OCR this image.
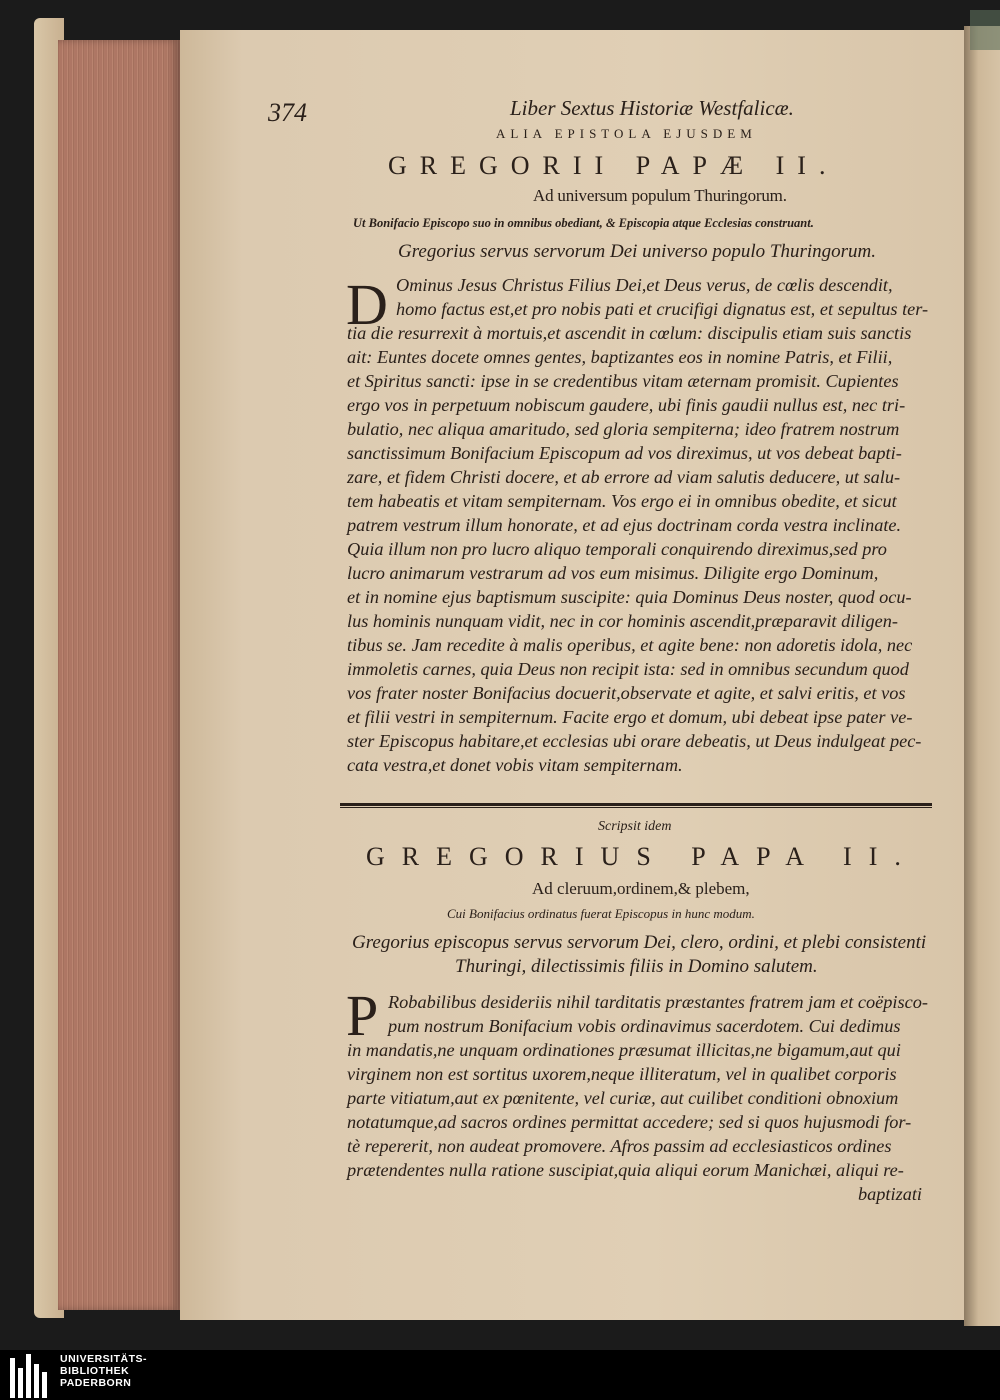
374	Liber Sextus Historiæ Westfalicæ.
ALIA EPISTOLA EJUSDEM
GREGORII PAPÆ II.
Ad universum populum Thuringorum.
Ut Bonifacio Episcopo suo in omnibus obediant, & Episcopia atque Ecclesias construant.
Gregorius servus servorum Dei universo populo Thuringorum.
D Ominus Jesus Christus Filius Dei,et Deus verus, de cœlis descendit,
homo factus est,et pro nobis pati et crucifigi dignatus est, et sepultus ter-
tia die resurrexit à mortuis,et ascendit in cœlum: discipulis etiam suis sanctis
ait: Euntes docete omnes gentes, baptizantes eos in nomine Patris, et Filii,
et Spiritus sancti: ipse in se credentibus vitam æternam promisit. Cupientes
ergo vos in perpetuum nobiscum gaudere, ubi finis gaudii nullus est, nec tri-
bulatio, nec aliqua amaritudo, sed gloria sempiterna; ideo fratrem nostrum
sanctissimum Bonifacium Episcopum ad vos direximus, ut vos debeat bapti-
zare, et fidem Christi docere, et ab errore ad viam salutis deducere, ut salu-
tem habeatis et vitam sempiternam. Vos ergo ei in omnibus obedite, et sicut
patrem vestrum illum honorate, et ad ejus doctrinam corda vestra inclinate.
Quia illum non pro lucro aliquo temporali conquirendo direximus,sed pro
lucro animarum vestrarum ad vos eum misimus. Diligite ergo Dominum,
et in nomine ejus baptismum suscipite: quia Dominus Deus noster, quod ocu-
lus hominis nunquam vidit, nec in cor hominis ascendit,præparavit diligen-
tibus se. Jam recedite à malis operibus, et agite bene: non adoretis idola, nec
immoletis carnes, quia Deus non recipit ista: sed in omnibus secundum quod
vos frater noster Bonifacius docuerit,observate et agite, et salvi eritis, et vos
et filii vestri in sempiternum. Facite ergo et domum, ubi debeat ipse pater ve-
ster Episcopus habitare,et ecclesias ubi orare debeatis, ut Deus indulgeat pec-
cata vestra,et donet vobis vitam sempiternam.
Scripsit idem
GREGORIUS PAPA II.
Ad cleruum,ordinem,& plebem,
Cui Bonifacius ordinatus fuerat Episcopus in hunc modum.
Gregorius episcopus servus servorum Dei, clero, ordini, et plebi consistenti
Thuringi, dilectissimis filiis in Domino salutem.
P Robabilibus desideriis nihil tarditatis præstantes fratrem jam et coëpisco-
pum nostrum Bonifacium vobis ordinavimus sacerdotem. Cui dedimus
in mandatis,ne unquam ordinationes præsumat illicitas,ne bigamum,aut qui
virginem non est sortitus uxorem,neque illiteratum, vel in qualibet corporis
parte vitiatum,aut ex pœnitente, vel curiæ, aut cuilibet conditioni obnoxium
notatumque,ad sacros ordines permittat accedere; sed si quos hujusmodi for-
tè repererit, non audeat promovere. Afros passim ad ecclesiasticos ordines
prætendentes nulla ratione suscipiat,quia aliqui eorum Manichæi, aliqui re-
baptizati
UNIVERSITÄTS-
BIBLIOTHEK
PADERBORN
